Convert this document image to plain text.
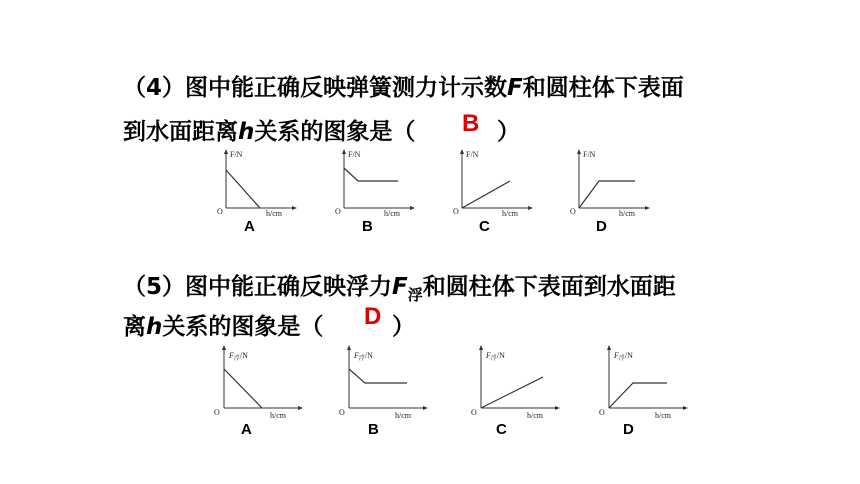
（4）图中能正确反映弹簧测力计示数F和圆柱体下表面
到水面距离h关系的图象是（	）
B
F/N
O	h/cm
F/N
O	h/cm
F/N
O	h/cm
F/N
O	h/cm
A	B	C	D
（5）图中能正确反映浮力$F_浮$和圆柱体下表面到水面距
离h关系的图象是（	）
D
$F_浮/N$
O	h/cm
$F_浮/N$
O	h/cm
$F_浮/N$
O	h/cm
$F_浮/N$
O	h/cm
A	B	C	D
